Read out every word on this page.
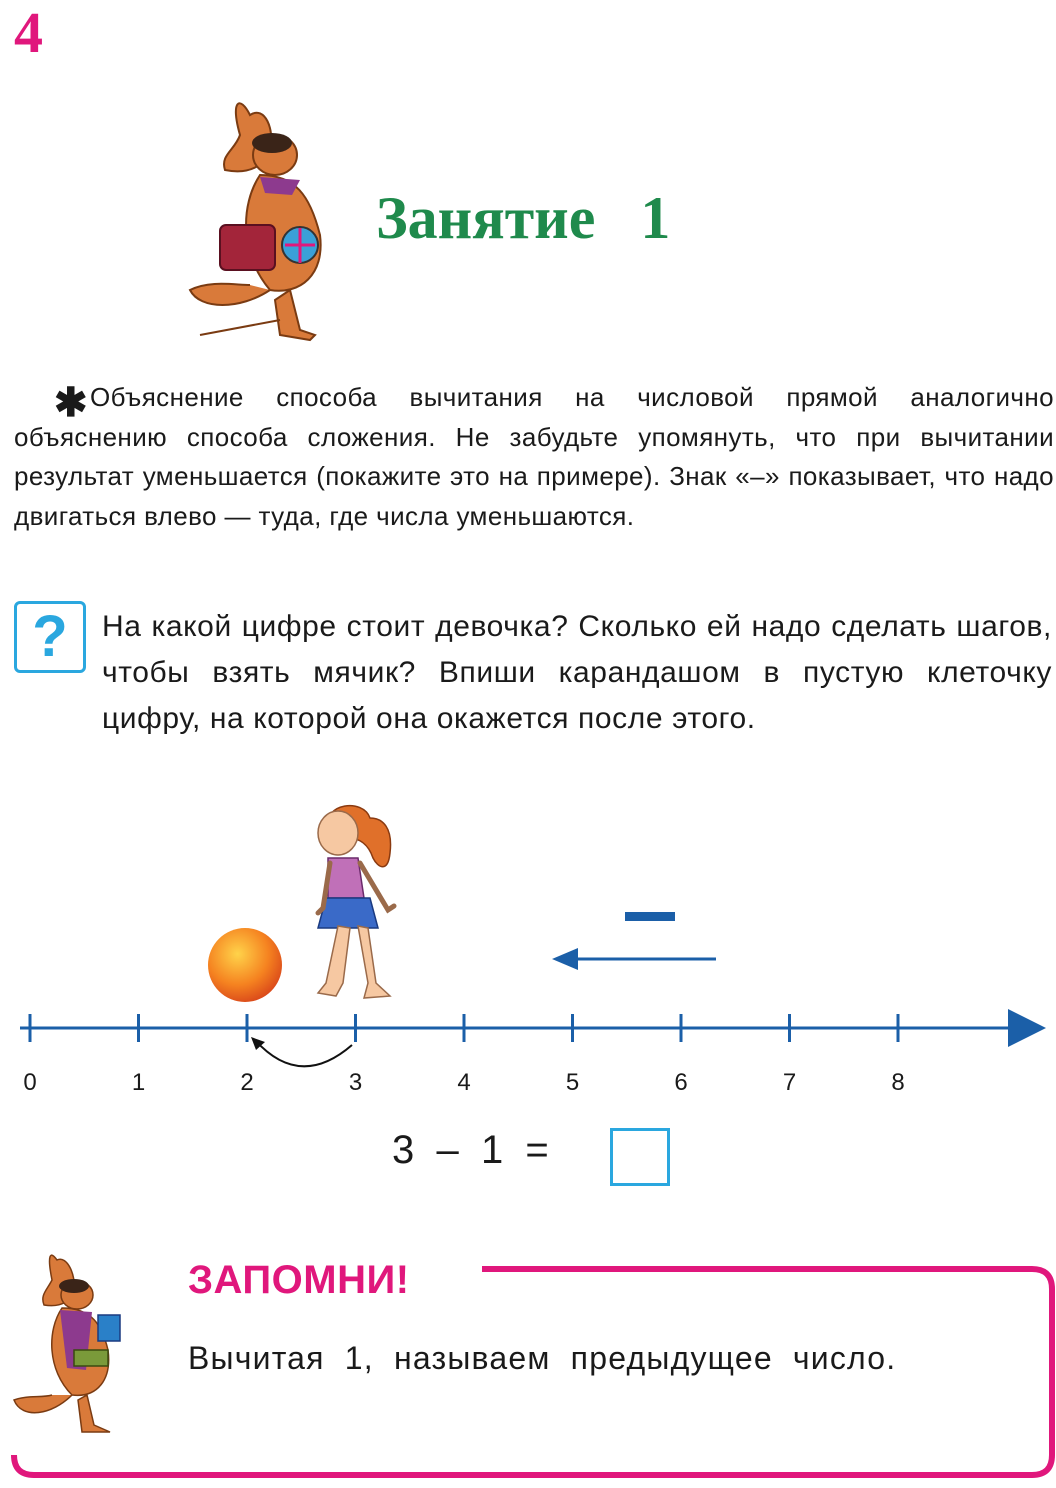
4
Занятие   1
✱Объяснение способа вычитания на числовой прямой аналогично объяснению способа сложения. Не забудьте упомянуть, что при вычитании результат уменьшается (покажите это на примере). Знак «–» показывает, что надо двигаться влево — туда, где числа уменьшаются.
?	На какой цифре стоит девочка? Сколько ей надо сделать шагов, чтобы взять мячик? Впиши карандашом в пустую клеточку цифру, на которой она окажется после этого.
0	1	2	3	4	5	6	7	8
3  –  1  =
ЗАПОМНИ!
Вычитая 1, называем предыдущее число.
